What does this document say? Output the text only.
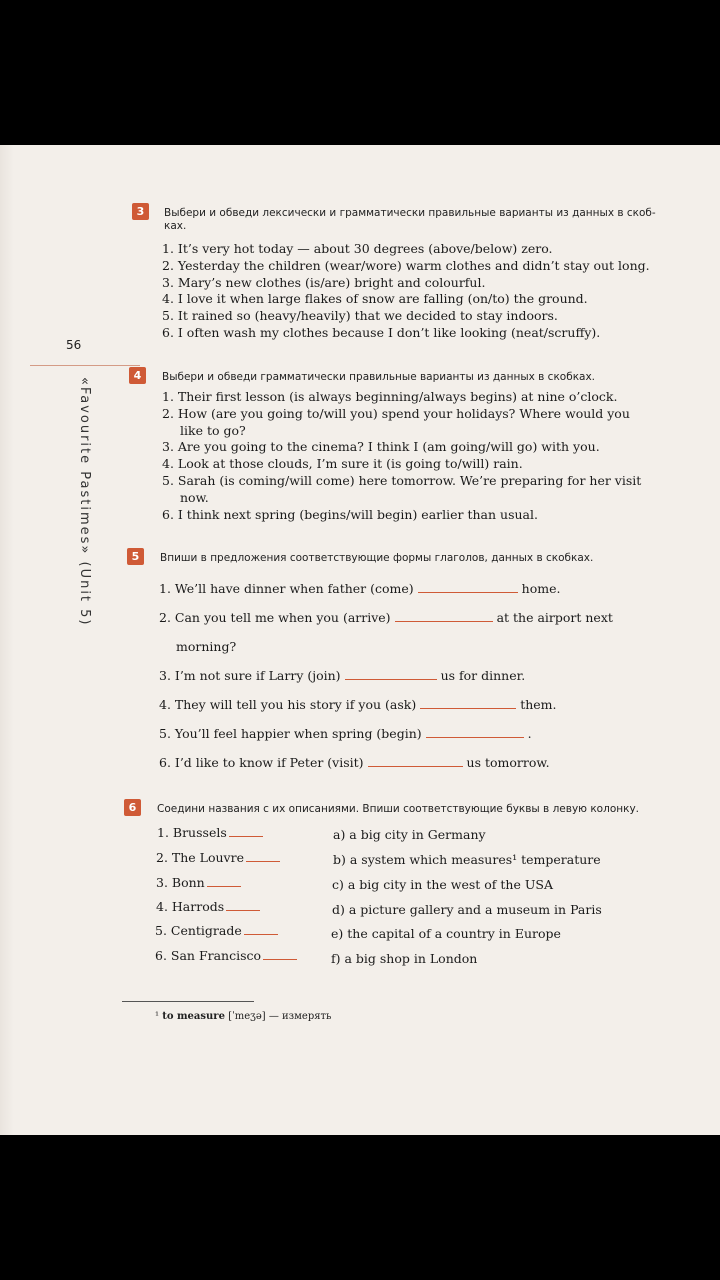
56
«Favourite Pastimes» (Unit 5)
3	Выбери и обведи лексически и грамматически правильные варианты из данных в скоб-
ках.
1. It’s very hot today — about 30 degrees (above/below) zero.
2. Yesterday the children (wear/wore) warm clothes and didn’t stay out long.
3. Mary’s new clothes (is/are) bright and colourful.
4. I love it when large flakes of snow are falling (on/to) the ground.
5. It rained so (heavy/heavily) that we decided to stay indoors.
6. I often wash my clothes because I don’t like looking (neat/scruffy).
4	Выбери и обведи грамматически правильные варианты из данных в скобках.
1. Their first lesson (is always beginning/always begins) at nine o’clock.
2. How (are you going to/will you) spend your holidays? Where would you
like to go?
3. Are you going to the cinema? I think I (am going/will go) with you.
4. Look at those clouds, I’m sure it (is going to/will) rain.
5. Sarah (is coming/will come) here tomorrow. We’re preparing for her visit
now.
6. I think next spring (begins/will begin) earlier than usual.
5	Впиши в предложения соответствующие формы глаголов, данных в скобках.
1. We’ll have dinner when father (come)	home.
2. Can you tell me when you (arrive)	at the airport next
morning?
3. I’m not sure if Larry (join)	us for dinner.
4. They will tell you his story if you (ask)	them.
5. You’ll feel happier when spring (begin)	.
6. I’d like to know if Peter (visit)	us tomorrow.
6	Соедини названия с их описаниями. Впиши соответствующие буквы в левую колонку.
1. Brussels
2. The Louvre
3. Bonn
4. Harrods
5. Centigrade
6. San Francisco
a) a big city in Germany
b) a system which measures¹ temperature
c) a big city in the west of the USA
d) a picture gallery and a museum in Paris
e) the capital of a country in Europe
f) a big shop in London
¹ to measure [ˈmeʒə] — измерять
